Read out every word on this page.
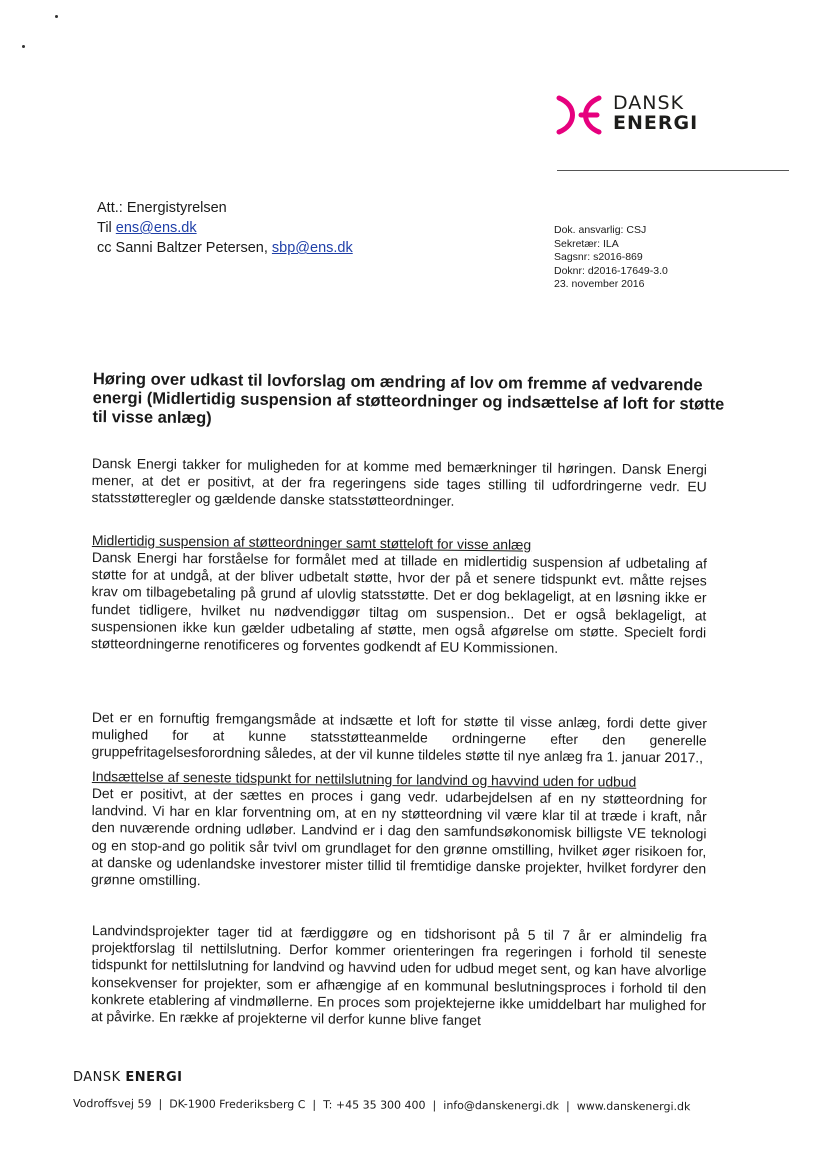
DANSK
ENERGI
Att.: Energistyrelsen
Til ens@ens.dk
cc Sanni Baltzer Petersen, sbp@ens.dk
Dok. ansvarlig: CSJ
Sekretær: ILA
Sagsnr: s2016-869
Doknr: d2016-17649-3.0
23. november 2016
Høring over udkast til lovforslag om ændring af lov om fremme af vedvarende energi (Midlertidig suspension af støtteordninger og indsættelse af loft for støtte til visse anlæg)
Dansk Energi takker for muligheden for at komme med bemærkninger til høringen. Dansk Energi mener, at det er positivt, at der fra regeringens side tages stilling til udfordringerne vedr. EU statsstøtteregler og gældende danske statsstøtteordninger.
Midlertidig suspension af støtteordninger samt støtteloft for visse anlæg
Dansk Energi har forståelse for formålet med at tillade en midlertidig suspension af udbetaling af støtte for at undgå, at der bliver udbetalt støtte, hvor der på et senere tidspunkt evt. måtte rejses krav om tilbagebetaling på grund af ulovlig statsstøtte. Det er dog beklageligt, at en løsning ikke er fundet tidligere, hvilket nu nødvendiggør tiltag om suspension.. Det er også beklageligt, at suspensionen ikke kun gælder udbetaling af støtte, men også afgørelse om støtte. Specielt fordi støtteordningerne renotificeres og forventes godkendt af EU Kommissionen.
Det er en fornuftig fremgangsmåde at indsætte et loft for støtte til visse anlæg, fordi dette giver mulighed for at kunne statsstøtteanmelde ordningerne efter den generelle gruppefritagelsesforordning således, at der vil kunne tildeles støtte til nye anlæg fra 1. januar 2017.,
Indsættelse af seneste tidspunkt for nettilslutning for landvind og havvind uden for udbud
Det er positivt, at der sættes en proces i gang vedr. udarbejdelsen af en ny støtteordning for landvind. Vi har en klar forventning om, at en ny støtteordning vil være klar til at træde i kraft, når den nuværende ordning udløber. Landvind er i dag den samfundsøkonomisk billigste VE teknologi og en stop-and go politik sår tvivl om grundlaget for den grønne omstilling, hvilket øger risikoen for, at danske og udenlandske investorer mister tillid til fremtidige danske projekter, hvilket fordyrer den grønne omstilling.
Landvindsprojekter tager tid at færdiggøre og en tidshorisont på 5 til 7 år er almindelig fra projektforslag til nettilslutning. Derfor kommer orienteringen fra regeringen i forhold til seneste tidspunkt for nettilslutning for landvind og havvind uden for udbud meget sent, og kan have alvorlige konsekvenser for projekter, som er afhængige af en kommunal beslutningsproces i forhold til den konkrete etablering af vindmøllerne. En proces som projektejerne ikke umiddelbart har mulighed for at påvirke. En række af projekterne vil derfor kunne blive fanget
DANSK ENERGI
Vodroffsvej 59 | DK-1900 Frederiksberg C | T: +45 35 300 400 | info@danskenergi.dk | www.danskenergi.dk
